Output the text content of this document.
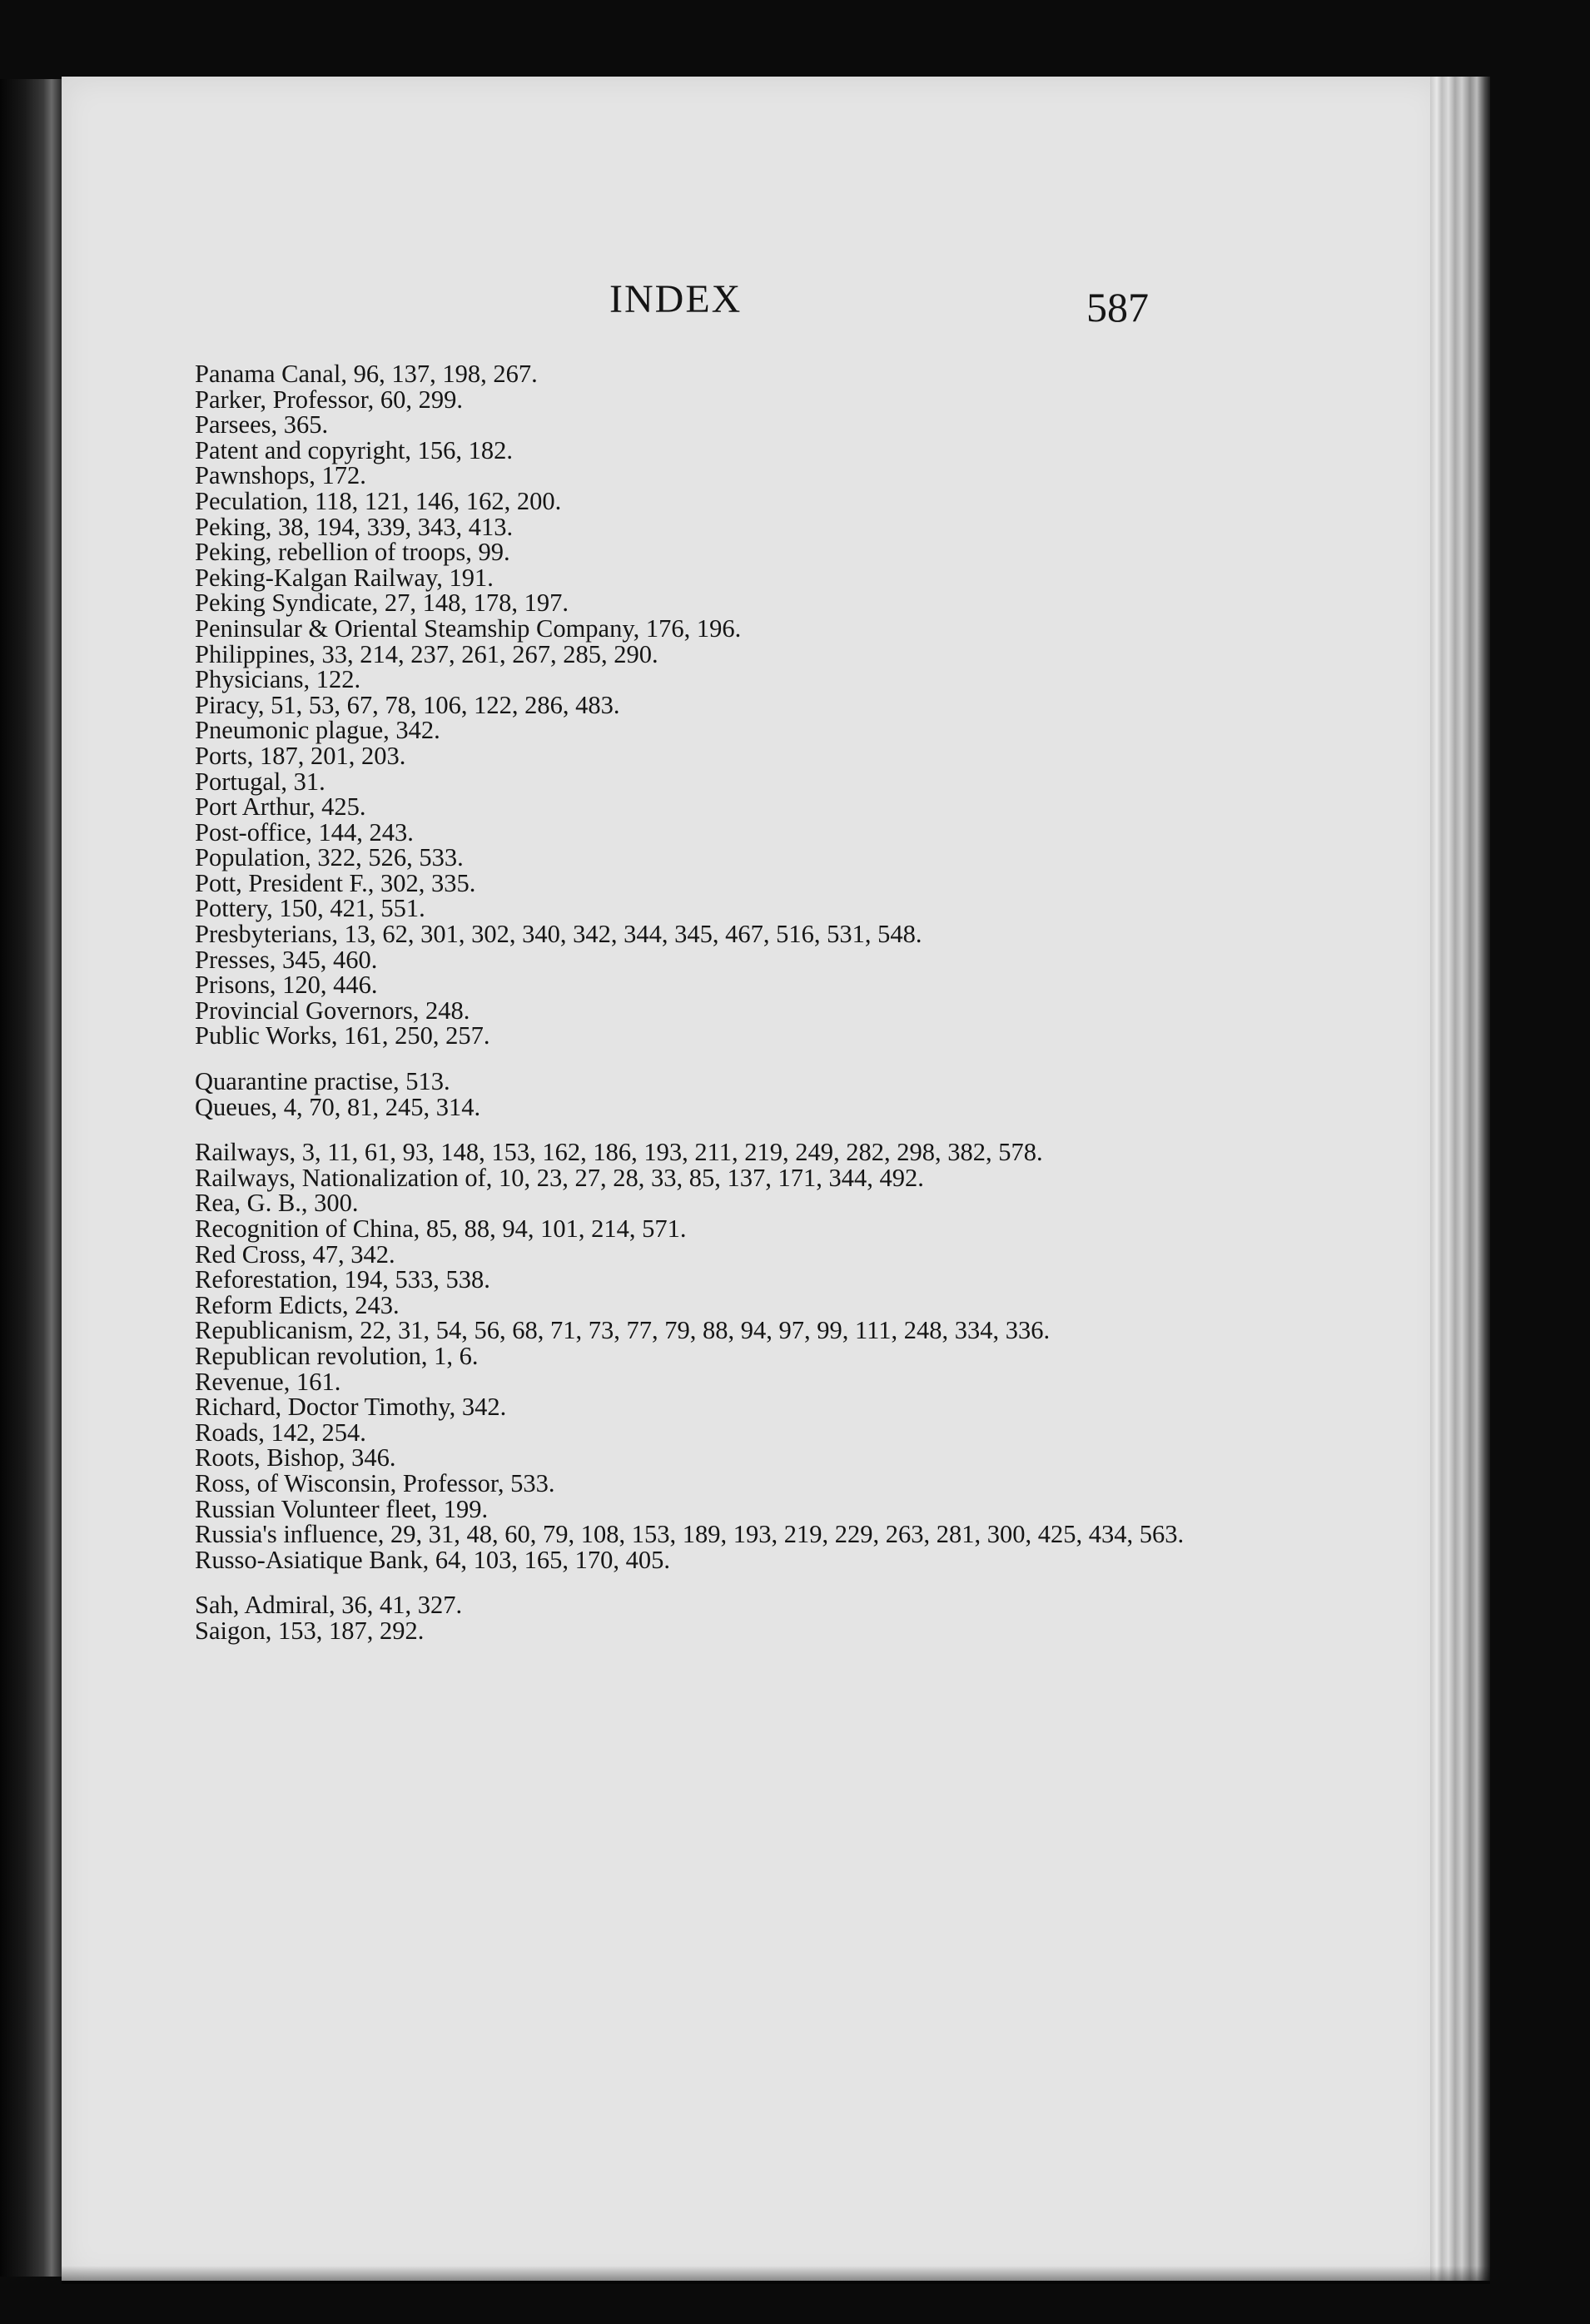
INDEX	587

Panama Canal, 96, 137, 198, 267.

Parker, Professor, 60, 299.

Parsees, 365.

Patent and copyright, 156, 182.

Pawnshops, 172.

Peculation, 118, 121, 146, 162, 200.

Peking, 38, 194, 339, 343, 413.

Peking, rebellion of troops, 99.

Peking-Kalgan Railway, 191.

Peking Syndicate, 27, 148, 178, 197.

Peninsular & Oriental Steamship Company, 176, 196.

Philippines, 33, 214, 237, 261, 267, 285, 290.

Physicians, 122.

Piracy, 51, 53, 67, 78, 106, 122, 286, 483.

Pneumonic plague, 342.

Ports, 187, 201, 203.

Portugal, 31.

Port Arthur, 425.

Post-office, 144, 243.

Population, 322, 526, 533.

Pott, President F., 302, 335.

Pottery, 150, 421, 551.

Presbyterians, 13, 62, 301, 302, 340, 342, 344, 345, 467, 516, 531, 548.

Presses, 345, 460.

Prisons, 120, 446.

Provincial Governors, 248.

Public Works, 161, 250, 257.

Quarantine practise, 513.

Queues, 4, 70, 81, 245, 314.

Railways, 3, 11, 61, 93, 148, 153, 162, 186, 193, 211, 219, 249, 282, 298, 382, 578.

Railways, Nationalization of, 10, 23, 27, 28, 33, 85, 137, 171, 344, 492.

Rea, G. B., 300.

Recognition of China, 85, 88, 94, 101, 214, 571.

Red Cross, 47, 342.

Reforestation, 194, 533, 538.

Reform Edicts, 243.

Republicanism, 22, 31, 54, 56, 68, 71, 73, 77, 79, 88, 94, 97, 99, 111, 248, 334, 336.

Republican revolution, 1, 6.

Revenue, 161.

Richard, Doctor Timothy, 342.

Roads, 142, 254.

Roots, Bishop, 346.

Ross, of Wisconsin, Professor, 533.

Russian Volunteer fleet, 199.

Russia's influence, 29, 31, 48, 60, 79, 108, 153, 189, 193, 219, 229, 263, 281, 300, 425, 434, 563.

Russo-Asiatique Bank, 64, 103, 165, 170, 405.

Sah, Admiral, 36, 41, 327.

Saigon, 153, 187, 292.
